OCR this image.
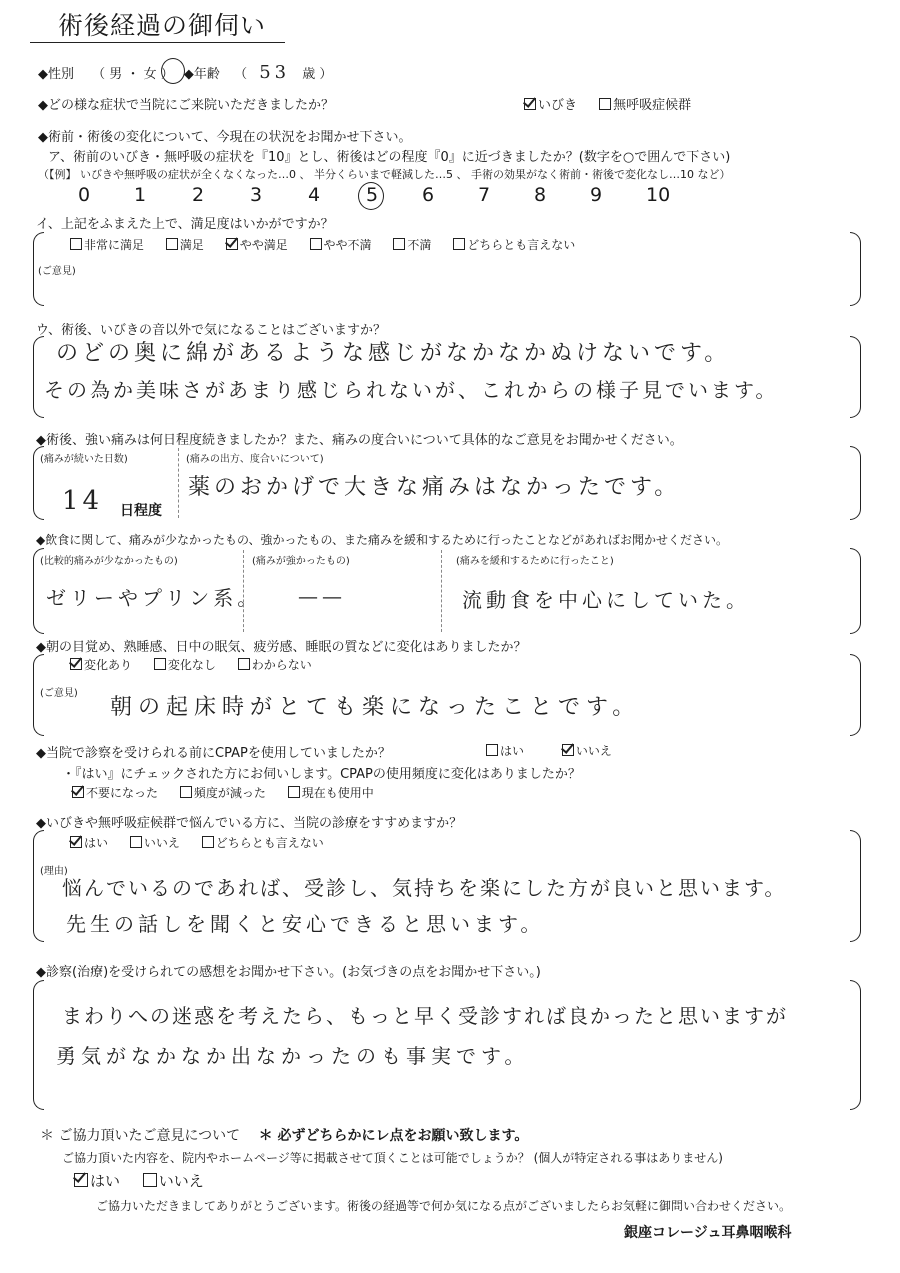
術後経過の御伺い
◆性別 （ 男 ・ 女 ） ◆年齢 （ 53 歳 ）
◆どの様な症状で当院にご来院いただきましたか？	いびき	無呼吸症候群
◆術前・術後の変化について、今現在の状況をお聞かせ下さい。
ア、術前のいびき・無呼吸の症状を『10』とし、術後はどの程度『0』に近づきましたか？(数字を○で囲んで下さい)
（【例】 いびきや無呼吸の症状が全くなくなった…0 、 半分くらいまで軽減した…5 、 手術の効果がなく術前・術後で変化なし…10 など）
0 1 2 3 4 5 6 7 8 9 10
イ、上記をふまえた上で、満足度はいかがですか？
非常に満足	満足	やや満足	やや不満	不満	どちらとも言えない
(ご意見)
ウ、術後、いびきの音以外で気になることはございますか？
のどの奥に綿があるような感じがなかなかぬけないです。
その為か美味さがあまり感じられないが、これからの様子見でいます。
◆術後、強い痛みは何日程度続きましたか？また、痛みの度合いについて具体的なご意見をお聞かせください。
(痛みが続いた日数)
14 日程度
(痛みの出方、度合いについて)
薬のおかげで大きな痛みはなかったです。
◆飲食に関して、痛みが少なかったもの、強かったもの、また痛みを緩和するために行ったことなどがあればお聞かせください。
(比較的痛みが少なかったもの)
ゼリーやプリン系。
(痛みが強かったもの)
——
(痛みを緩和するために行ったこと)
流動食を中心にしていた。
◆朝の目覚め、熟睡感、日中の眠気、疲労感、睡眠の質などに変化はありましたか？
変化あり	変化なし	わからない
(ご意見)
朝の起床時がとても楽になったことです。
◆当院で診察を受けられる前にCPAPを使用していましたか？	はい	いいえ
・『はい』にチェックされた方にお伺いします。CPAPの使用頻度に変化はありましたか？
不要になった	頻度が減った	現在も使用中
◆いびきや無呼吸症候群で悩んでいる方に、当院の診療をすすめますか？
はい	いいえ	どちらとも言えない
(理由)
悩んでいるのであれば、受診し、気持ちを楽にした方が良いと思います。
先生の話しを聞くと安心できると思います。
◆診察(治療)を受けられての感想をお聞かせ下さい。(お気づきの点をお聞かせ下さい。)
まわりへの迷惑を考えたら、もっと早く受診すれば良かったと思いますが
勇気がなかなか出なかったのも事実です。
＊ ご協力頂いたご意見について ＊ 必ずどちらかにレ点をお願い致します。
ご協力頂いた内容を、院内やホームページ等に掲載させて頂くことは可能でしょうか？ (個人が特定される事はありません)
はい	いいえ
ご協力いただきましてありがとうございます。術後の経過等で何か気になる点がございましたらお気軽に御問い合わせください。
銀座コレージュ耳鼻咽喉科
